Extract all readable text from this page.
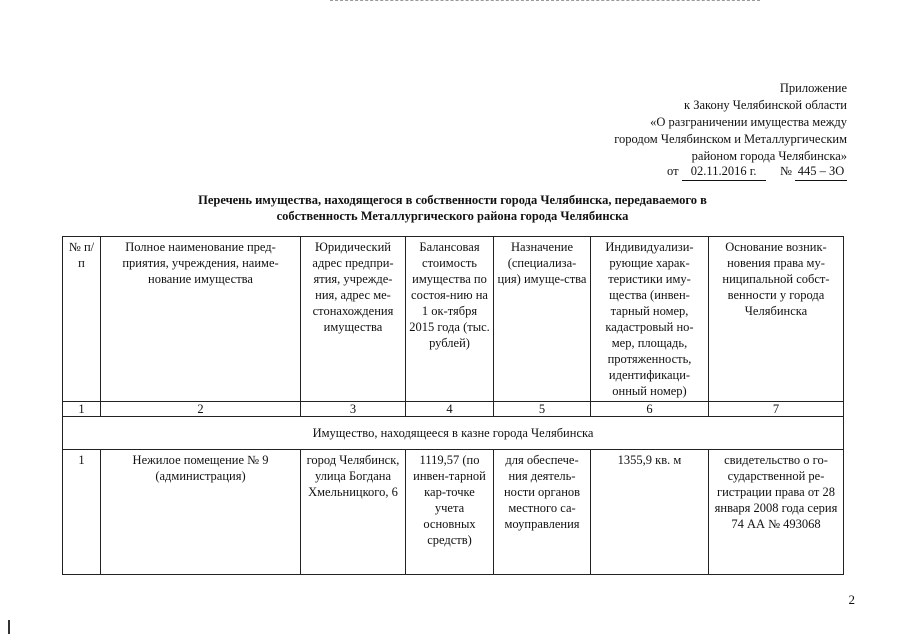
Приложение
к Закону Челябинской области
«О разграничении имущества между
городом Челябинском и Металлургическим
районом города Челябинска»
от 02.11.2016 г. № 445 – ЗО
Перечень имущества, находящегося в собственности города Челябинска, передаваемого в
собственность Металлургического района города Челябинска
№ п/п	Полное наименование пред-приятия, учреждения, наиме-нование имущества	Юридический адрес предпри-ятия, учрежде-ния, адрес ме-стонахождения имущества	Балансовая стоимость имущества по состоя-нию на 1 ок-тября 2015 года (тыс. рублей)	Назначение (специализа-ция) имуще-ства	Индивидуализи-рующие харак-теристики иму-щества (инвен-тарный номер, кадастровый но-мер, площадь, протяженность, идентификаци-онный номер)	Основание возник-новения права му-ниципальной собст-венности у города Челябинска
1	2	3	4	5	6	7
Имущество, находящееся в казне города Челябинска						
1	Нежилое помещение № 9 (администрация)	город Челябинск, улица Богдана Хмельницкого, 6	1119,57 (по инвен-тарной кар-точке учета основных средств)	для обеспече-ния деятель-ности органов местного са-моуправления	1355,9 кв. м	свидетельство о го-сударственной ре-гистрации права от 28 января 2008 года серия 74 АА № 493068
2
